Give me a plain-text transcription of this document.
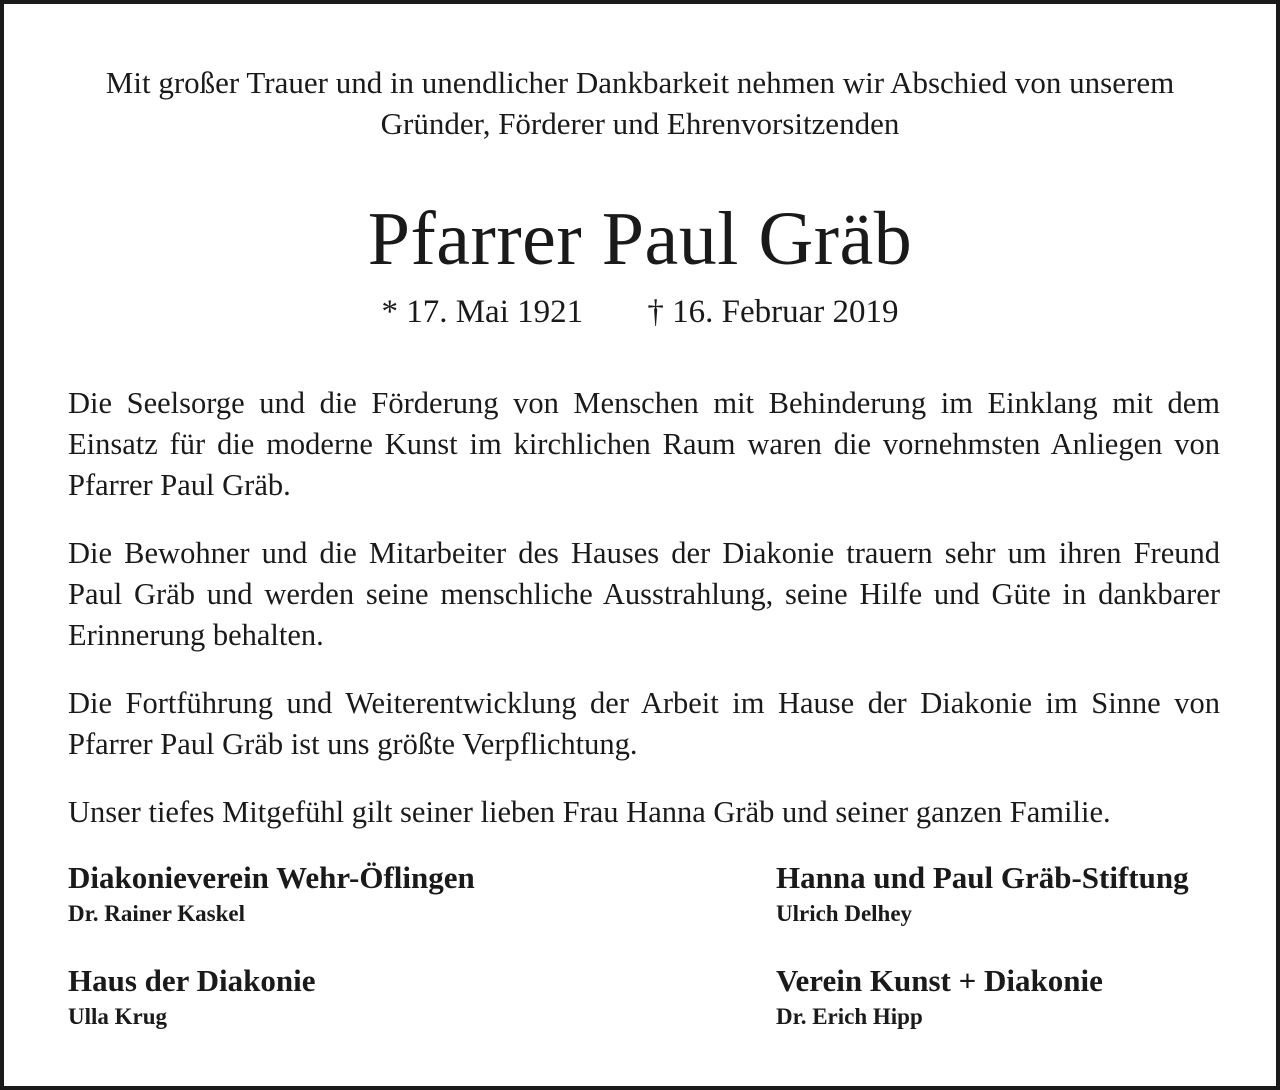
Mit großer Trauer und in unendlicher Dankbarkeit nehmen wir Abschied von unserem
Gründer, Förderer und Ehrenvorsitzenden
Pfarrer Paul Gräb
* 17. Mai 1921 † 16. Februar 2019

Die Seelsorge und die Förderung von Menschen mit Behinderung im Einklang mit dem Einsatz für die moderne Kunst im kirchlichen Raum waren die vornehmsten Anliegen von Pfarrer Paul Gräb.

Die Bewohner und die Mitarbeiter des Hauses der Diakonie trauern sehr um ihren Freund Paul Gräb und werden seine menschliche Ausstrahlung, seine Hilfe und Güte in dankbarer Erinnerung behalten.

Die Fortführung und Weiterentwicklung der Arbeit im Hause der Diakonie im Sinne von Pfarrer Paul Gräb ist uns größte Verpflichtung.

Unser tiefes Mitgefühl gilt seiner lieben Frau Hanna Gräb und seiner ganzen Familie.

Diakonieverein Wehr-Öflingen
Dr. Rainer Kaskel
Hanna und Paul Gräb-Stiftung
Ulrich Delhey
Haus der Diakonie
Ulla Krug
Verein Kunst + Diakonie
Dr. Erich Hipp
